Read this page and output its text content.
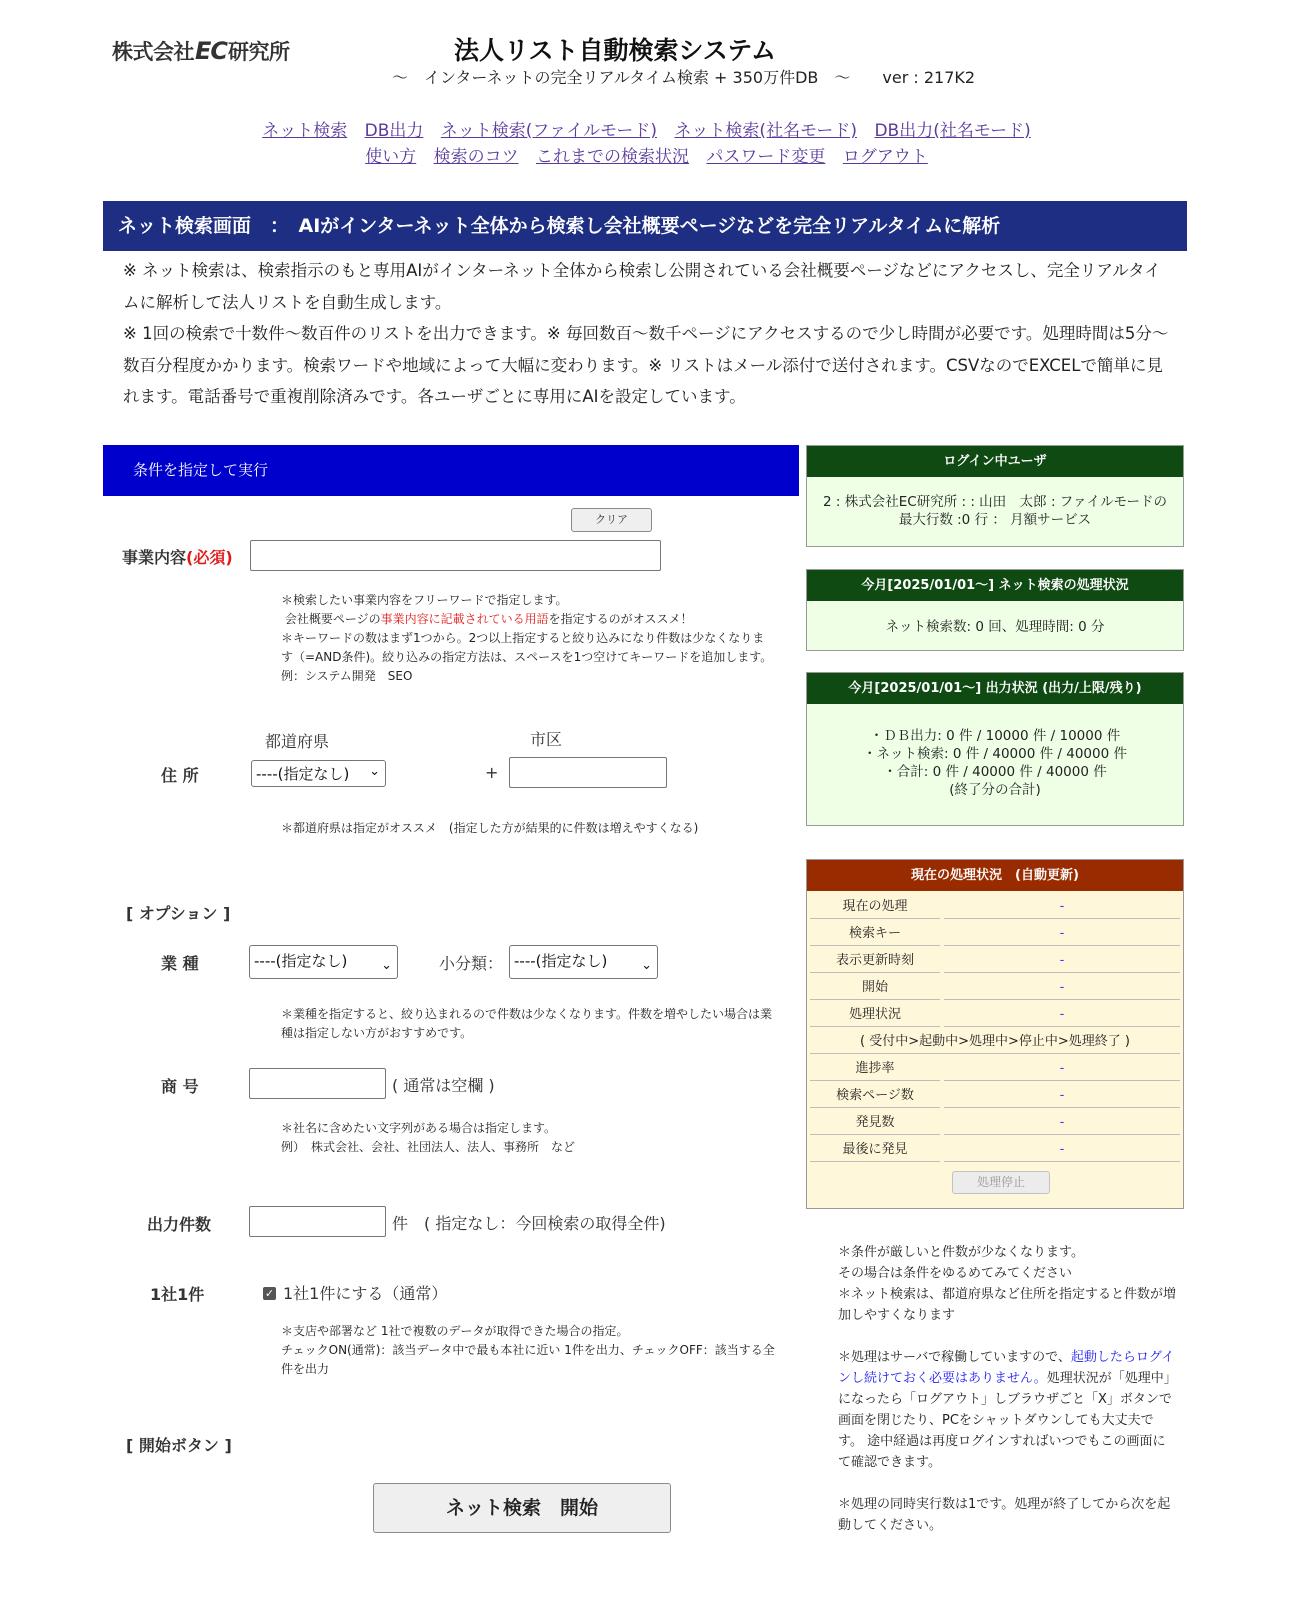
株式会社EC研究所	法人リスト自動検索システム
～　インターネットの完全リアルタイム検索 + 350万件DB　～ ver : 217K2
ネット検索 DB出力 ネット検索(ファイルモード) ネット検索(社名モード) DB出力(社名モード)
使い方 検索のコツ これまでの検索状況 パスワード変更 ログアウト
ネット検索画面　：　AIがインターネット全体から検索し会社概要ページなどを完全リアルタイムに解析
※ ネット検索は、検索指示のもと専用AIがインターネット全体から検索し公開されている会社概要ページなどにアクセスし、完全リアルタイムに解析して法人リストを自動生成します。
※ 1回の検索で十数件～数百件のリストを出力できます。※ 毎回数百～数千ページにアクセスするので少し時間が必要です。処理時間は5分～数百分程度かかります。検索ワードや地域によって大幅に変わります。※ リストはメール添付で送付されます。CSVなのでEXCELで簡単に見れます。電話番号で重複削除済みです。各ユーザごとに専用にAIを設定しています。
条件を指定して実行
クリア
事業内容(必須)
＊検索したい事業内容をフリーワードで指定します。
会社概要ページの事業内容に記載されている用語を指定するのがオススメ！
＊キーワードの数はまず1つから。2つ以上指定すると絞り込みになり件数は少なくなります（=AND条件)。絞り込みの指定方法は、スペースを1つ空けてキーワードを追加します。例：システム開発　SEO
都道府県	市区
住 所	----(指定なし) ⌄	+
＊都道府県は指定がオススメ　(指定した方が結果的に件数は増えやすくなる)
[ オプション ]
業 種	----(指定なし)	⌄	小分類： ----(指定なし)	⌄
＊業種を指定すると、絞り込まれるので件数は少なくなります。件数を増やしたい場合は業種は指定しない方がおすすめです。
商 号	( 通常は空欄 )
＊社名に含めたい文字列がある場合は指定します。
例）　株式会社、会社、社団法人、法人、事務所　など
出力件数	件　( 指定なし：今回検索の取得全件)
1社1件	✓ 1社1件にする（通常）
＊支店や部署など 1社で複数のデータが取得できた場合の指定。
チェックON(通常)：該当データ中で最も本社に近い 1件を出力、チェックOFF：該当する全件を出力
[ 開始ボタン ]
ネット検索　開始
ログイン中ユーザ
2 : 株式会社EC研究所 : : 山田　太郎 : ファイルモードの最大行数 :0 行 ： 月額サービス
今月[2025/01/01～] ネット検索の処理状況
ネット検索数: 0 回、処理時間: 0 分
今月[2025/01/01～] 出力状況 (出力/上限/残り)
・ＤＢ出力: 0 件 / 10000 件 / 10000 件
・ネット検索: 0 件 / 40000 件 / 40000 件
・合計: 0 件 / 40000 件 / 40000 件
(終了分の合計)
現在の処理状況　(自動更新)
現在の処理	-
検索キー	-
表示更新時刻	-
開始	-
処理状況	-
( 受付中>起動中>処理中>停止中>処理終了 )
進捗率	-
検索ページ数	-
発見数	-
最後に発見	-
処理停止
＊条件が厳しいと件数が少なくなります。
その場合は条件をゆるめてみてください
＊ネット検索は、都道府県など住所を指定すると件数が増加しやすくなります
＊処理はサーバで稼働していますので、起動したらログインし続けておく必要はありません。処理状況が「処理中」になったら「ログアウト」しブラウザごと「X」ボタンで画面を閉じたり、PCをシャットダウンしても大丈夫です。 途中経過は再度ログインすればいつでもこの画面にて確認できます。
＊処理の同時実行数は1です。処理が終了してから次を起動してください。
